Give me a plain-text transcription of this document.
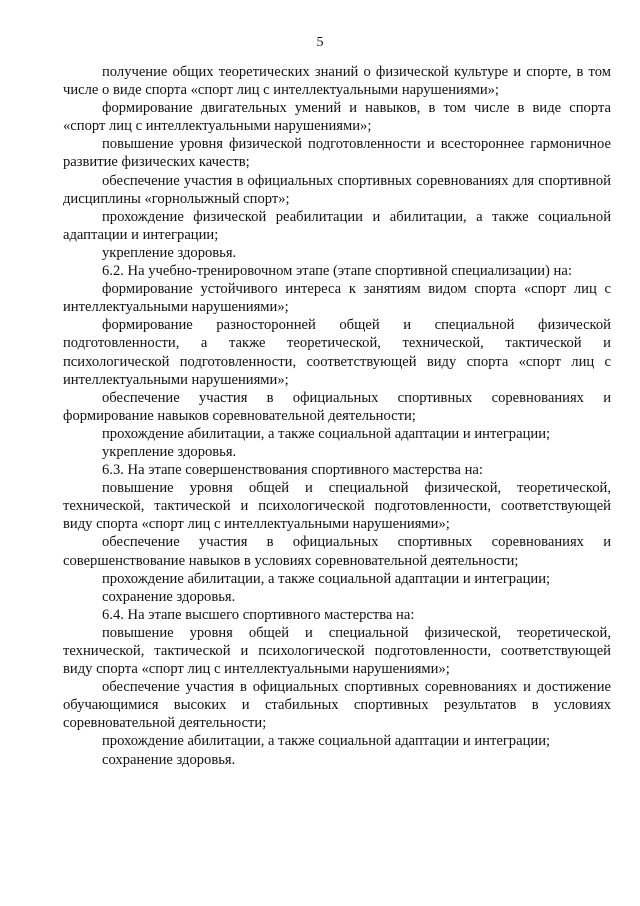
5

получение общих теоретических знаний о физической культуре и спорте, в том числе о виде спорта «спорт лиц с интеллектуальными нарушениями»;

формирование двигательных умений и навыков, в том числе в виде спорта «спорт лиц с интеллектуальными нарушениями»;

повышение уровня физической подготовленности и всестороннее гармоничное развитие физических качеств;

обеспечение участия в официальных спортивных соревнованиях для спортивной дисциплины «горнолыжный спорт»;

прохождение физической реабилитации и абилитации, а также социальной адаптации и интеграции;

укрепление здоровья.

6.2. На учебно-тренировочном этапе (этапе спортивной специализации) на:

формирование устойчивого интереса к занятиям видом спорта «спорт лиц с интеллектуальными нарушениями»;

формирование разносторонней общей и специальной физической подготовленности, а также теоретической, технической, тактической и психологической подготовленности, соответствующей виду спорта «спорт лиц с интеллектуальными нарушениями»;

обеспечение участия в официальных спортивных соревнованиях и формирование навыков соревновательной деятельности;

прохождение абилитации, а также социальной адаптации и интеграции;

укрепление здоровья.

6.3. На этапе совершенствования спортивного мастерства на:

повышение уровня общей и специальной физической, теоретической, технической, тактической и психологической подготовленности, соответствующей виду спорта «спорт лиц с интеллектуальными нарушениями»;

обеспечение участия в официальных спортивных соревнованиях и совершенствование навыков в условиях соревновательной деятельности;

прохождение абилитации, а также социальной адаптации и интеграции;

сохранение здоровья.

6.4. На этапе высшего спортивного мастерства на:

повышение уровня общей и специальной физической, теоретической, технической, тактической и психологической подготовленности, соответствующей виду спорта «спорт лиц с интеллектуальными нарушениями»;

обеспечение участия в официальных спортивных соревнованиях и достижение обучающимися высоких и стабильных спортивных результатов в условиях соревновательной деятельности;

прохождение абилитации, а также социальной адаптации и интеграции;

сохранение здоровья.
